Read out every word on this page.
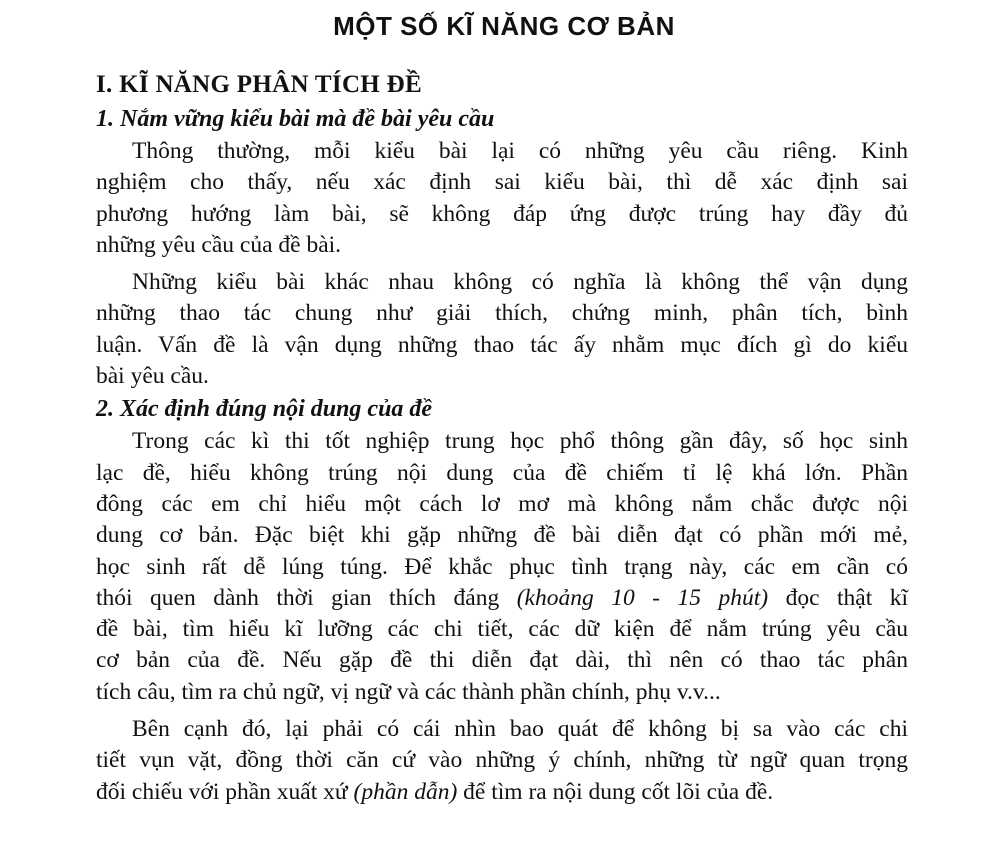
MỘT SỐ KĨ NĂNG CƠ BẢN
I. KĨ NĂNG PHÂN TÍCH ĐỀ
1. Nắm vững kiểu bài mà đề bài yêu cầu
Thông thường, mỗi kiểu bài lại có những yêu cầu riêng. Kinh
nghiệm cho thấy, nếu xác định sai kiểu bài, thì dễ xác định sai
phương hướng làm bài, sẽ không đáp ứng được trúng hay đầy đủ
những yêu cầu của đề bài.
Những kiểu bài khác nhau không có nghĩa là không thể vận dụng
những thao tác chung như giải thích, chứng minh, phân tích, bình
luận. Vấn đề là vận dụng những thao tác ấy nhằm mục đích gì do kiểu
bài yêu cầu.
2. Xác định đúng nội dung của đề
Trong các kì thi tốt nghiệp trung học phổ thông gần đây, số học sinh
lạc đề, hiểu không trúng nội dung của đề chiếm tỉ lệ khá lớn. Phần
đông các em chỉ hiểu một cách lơ mơ mà không nắm chắc được nội
dung cơ bản. Đặc biệt khi gặp những đề bài diễn đạt có phần mới mẻ,
học sinh rất dễ lúng túng. Để khắc phục tình trạng này, các em cần có
thói quen dành thời gian thích đáng (khoảng 10 - 15 phút) đọc thật kĩ
đề bài, tìm hiểu kĩ lưỡng các chi tiết, các dữ kiện để nắm trúng yêu cầu
cơ bản của đề. Nếu gặp đề thi diễn đạt dài, thì nên có thao tác phân
tích câu, tìm ra chủ ngữ, vị ngữ và các thành phần chính, phụ v.v...
Bên cạnh đó, lại phải có cái nhìn bao quát để không bị sa vào các chi
tiết vụn vặt, đồng thời căn cứ vào những ý chính, những từ ngữ quan trọng
đối chiếu với phần xuất xứ (phần dẫn) để tìm ra nội dung cốt lõi của đề.
